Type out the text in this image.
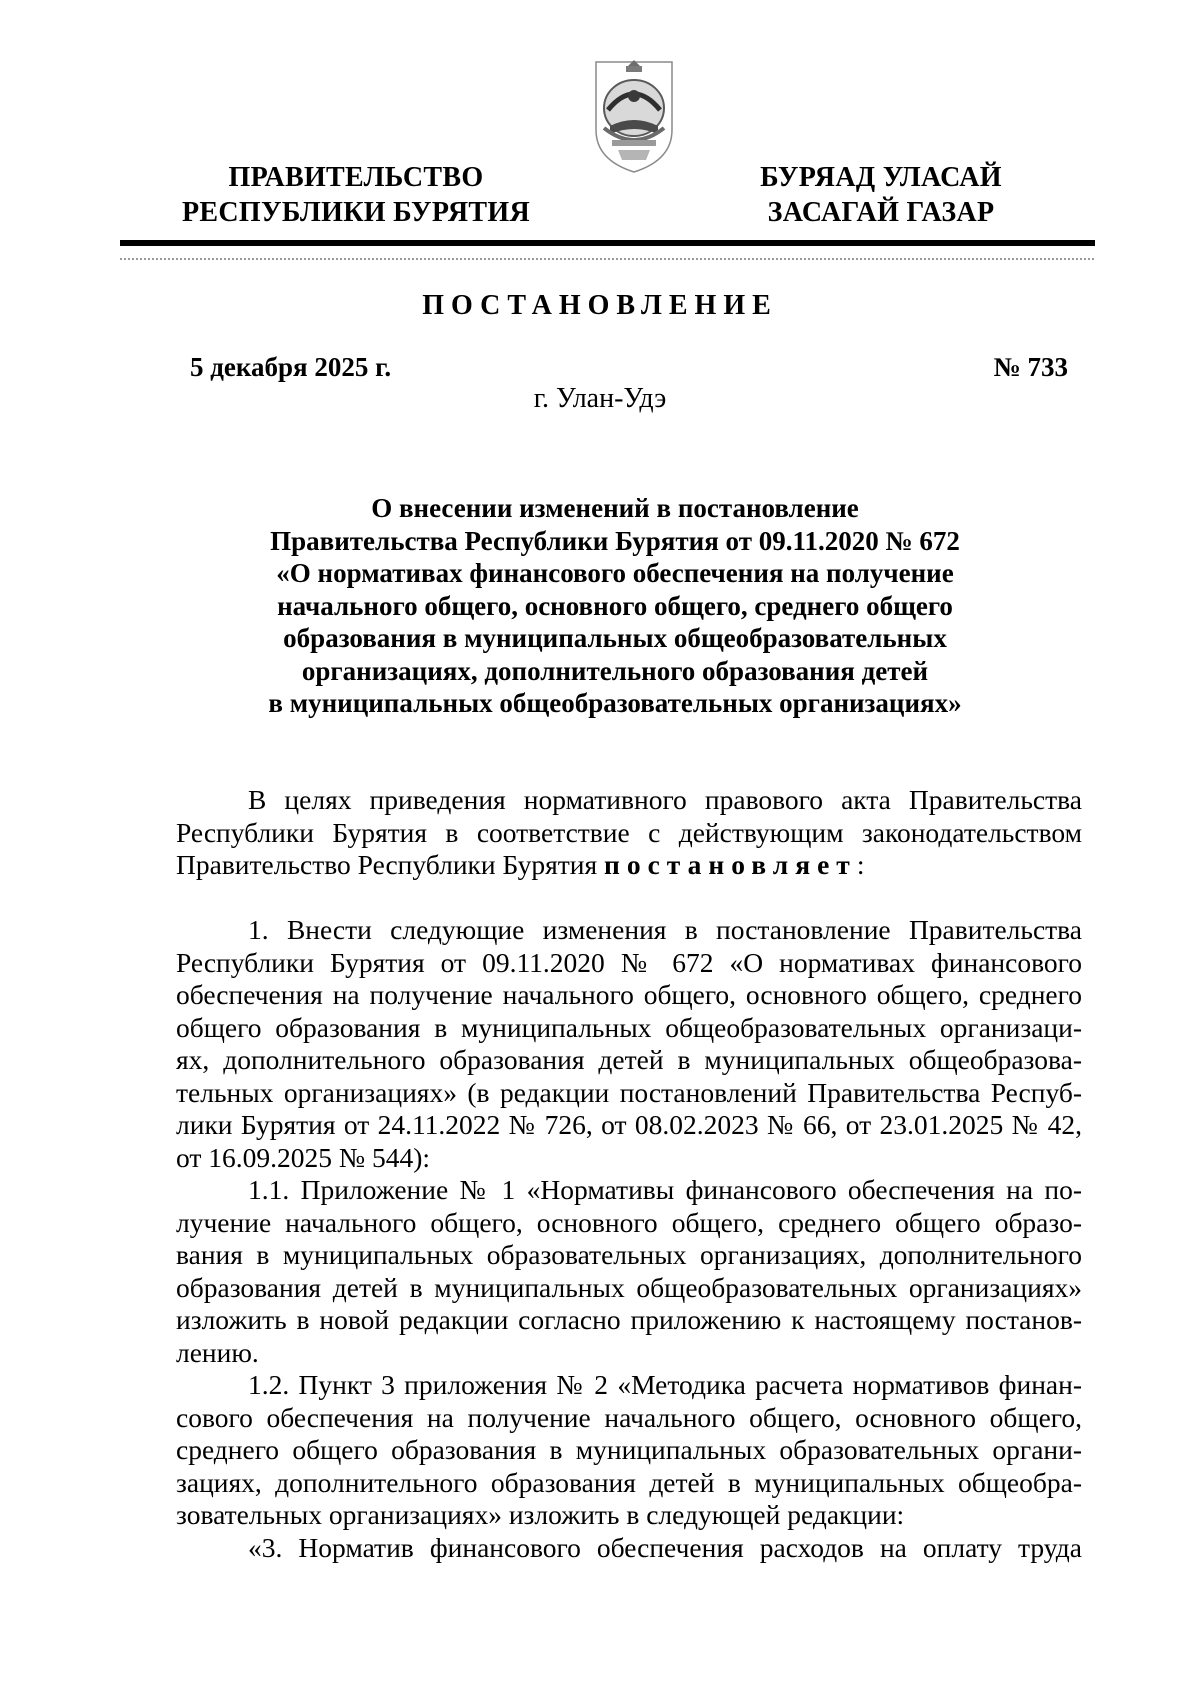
ПРАВИТЕЛЬСТВО
РЕСПУБЛИКИ БУРЯТИЯ
БУРЯАД УЛАСАЙ
ЗАСАГАЙ ГАЗАР
ПОСТАНОВЛЕНИЕ
5 декабря 2025 г.	№ 733
г. Улан-Удэ
О внесении изменений в постановление
Правительства Республики Бурятия от 09.11.2020 № 672
«О нормативах финансового обеспечения на получение
начального общего, основного общего, среднего общего
образования в муниципальных общеобразовательных
организациях, дополнительного образования детей
в муниципальных общеобразовательных организациях»
В целях приведения нормативного правового акта Правительства
Республики Бурятия в соответствие с действующим законодательством
Правительство Республики Бурятия постановляет:
1. Внести следующие изменения в постановление Правительства
Республики Бурятия от 09.11.2020 № 672 «О нормативах финансового
обеспечения на получение начального общего, основного общего, среднего
общего образования в муниципальных общеобразовательных организаци-
ях, дополнительного образования детей в муниципальных общеобразова-
тельных организациях» (в редакции постановлений Правительства Респуб-
лики Бурятия от 24.11.2022 № 726, от 08.02.2023 № 66, от 23.01.2025 № 42,
от 16.09.2025 № 544):
1.1. Приложение № 1 «Нормативы финансового обеспечения на по-
лучение начального общего, основного общего, среднего общего образо-
вания в муниципальных образовательных организациях, дополнительного
образования детей в муниципальных общеобразовательных организациях»
изложить в новой редакции согласно приложению к настоящему постанов-
лению.
1.2. Пункт 3 приложения № 2 «Методика расчета нормативов финан-
сового обеспечения на получение начального общего, основного общего,
среднего общего образования в муниципальных образовательных органи-
зациях, дополнительного образования детей в муниципальных общеобра-
зовательных организациях» изложить в следующей редакции:
«3. Норматив финансового обеспечения расходов на оплату труда
